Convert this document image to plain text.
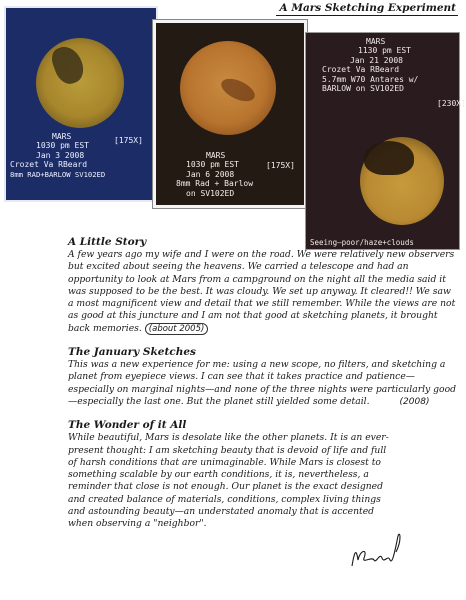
A Mars Sketching Experiment
[175X]
MARS
1030 pm EST
Jan 3 2008
Crozet Va RBeard
8mm RAD+BARLOW SV102ED
[175X]
MARS
1030 pm EST
Jan 6 2008
8mm Rad + Barlow
on SV102ED
MARS
1130 pm EST
Jan 21 2008
Crozet Va RBeard
5.7mm W70 Antares w/
BARLOW on SV102ED
[230X]
Seeing—poor/haze+clouds
A Little Story

A few years ago my wife and I were on the road. We were relatively new observers but excited about seeing the heavens. We carried a telescope and had an opportunity to look at Mars from a campground on the night all the media said it was supposed to be the best. It was cloudy. We set up anyway. It cleared!! We saw a most magnificent view and detail that we still remember. While the views are not as good at this juncture and I am not that good at sketching planets, it brought back memories. (about 2005)

The January Sketches

This was a new experience for me: using a new scope, no filters, and sketching a planet from eyepiece views. I can see that it takes practice and patience—especially on marginal nights—and none of the three nights were particularly good—especially the last one. But the planet still yielded some detail.	(2008)

The Wonder of it All

While beautiful, Mars is desolate like the other planets. It is an ever-present thought: I am sketching beauty that is devoid of life and full of harsh conditions that are unimaginable. While Mars is closest to something scalable by our earth conditions, it is, nevertheless, a reminder that close is not enough. Our planet is the exact designed and created balance of materials, conditions, complex living things and astounding beauty—an understated anomaly that is accented when observing a "neighbor".
